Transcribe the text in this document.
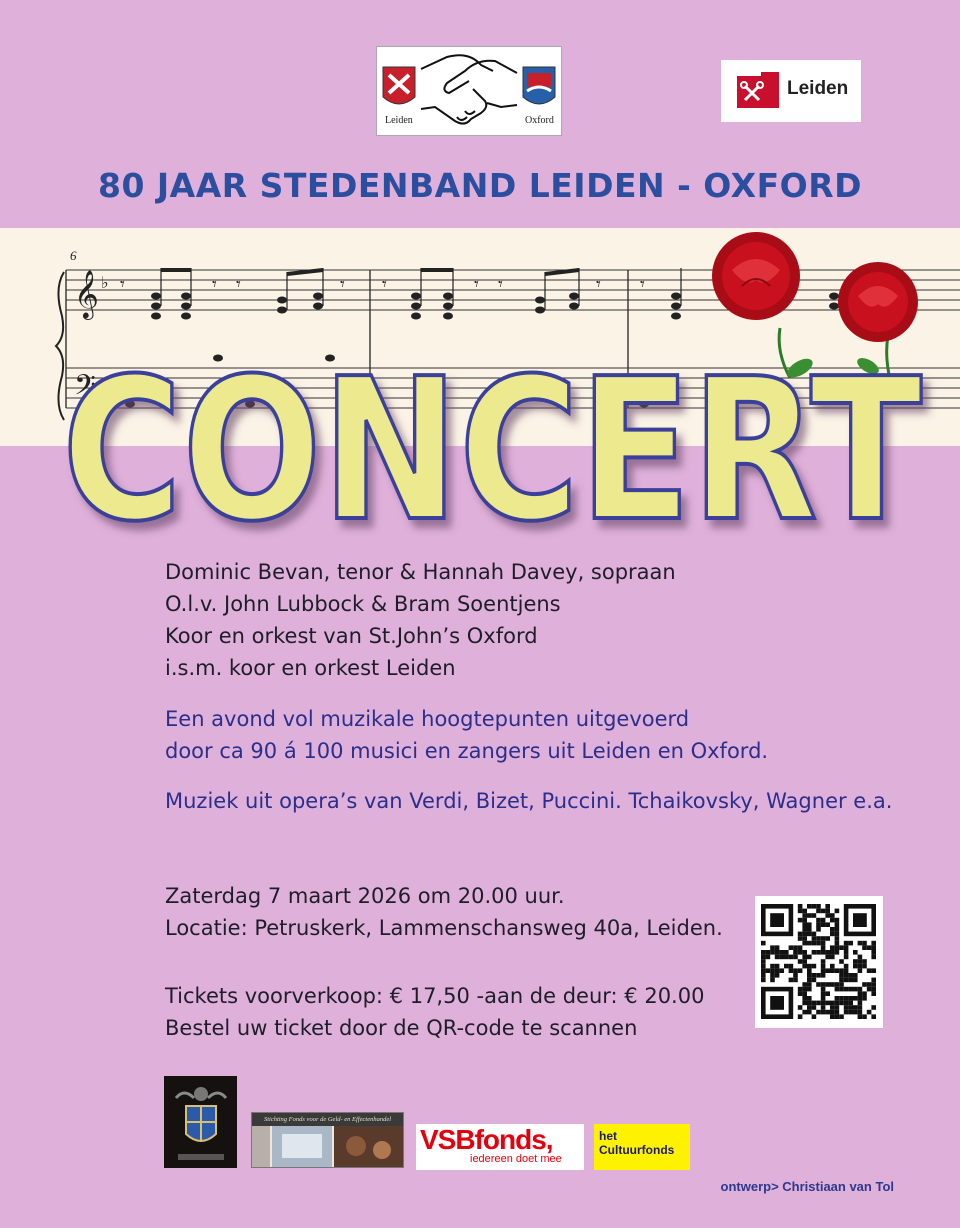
Leiden	Oxford
Leiden
80 JAAR STEDENBAND LEIDEN - OXFORD
6
𝄞
𝄢
♭ 𝄾	𝄾 𝄾	𝄾 𝄾	𝄾 𝄾	𝄾 𝄾
CONCERT
Dominic Bevan, tenor & Hannah Davey, sopraan
O.l.v. John Lubbock & Bram Soentjens
Koor en orkest van St.John’s Oxford
i.s.m. koor en orkest Leiden
Een avond vol muzikale hoogtepunten uitgevoerd
door ca 90 á 100 musici en zangers uit Leiden en Oxford.
Muziek uit opera’s van Verdi, Bizet, Puccini. Tchaikovsky, Wagner e.a.
Zaterdag 7 maart 2026 om 20.00 uur.
Locatie: Petruskerk, Lammenschansweg 40a, Leiden.
Tickets voorverkoop: € 17,50 -aan de deur: € 20.00
Bestel uw ticket door de QR-code te scannen
Stichting Fonds voor de Geld- en Effectenhandel
VSBfonds,
iedereen doet mee
het
Cultuurfonds
ontwerp> Christiaan van Tol
